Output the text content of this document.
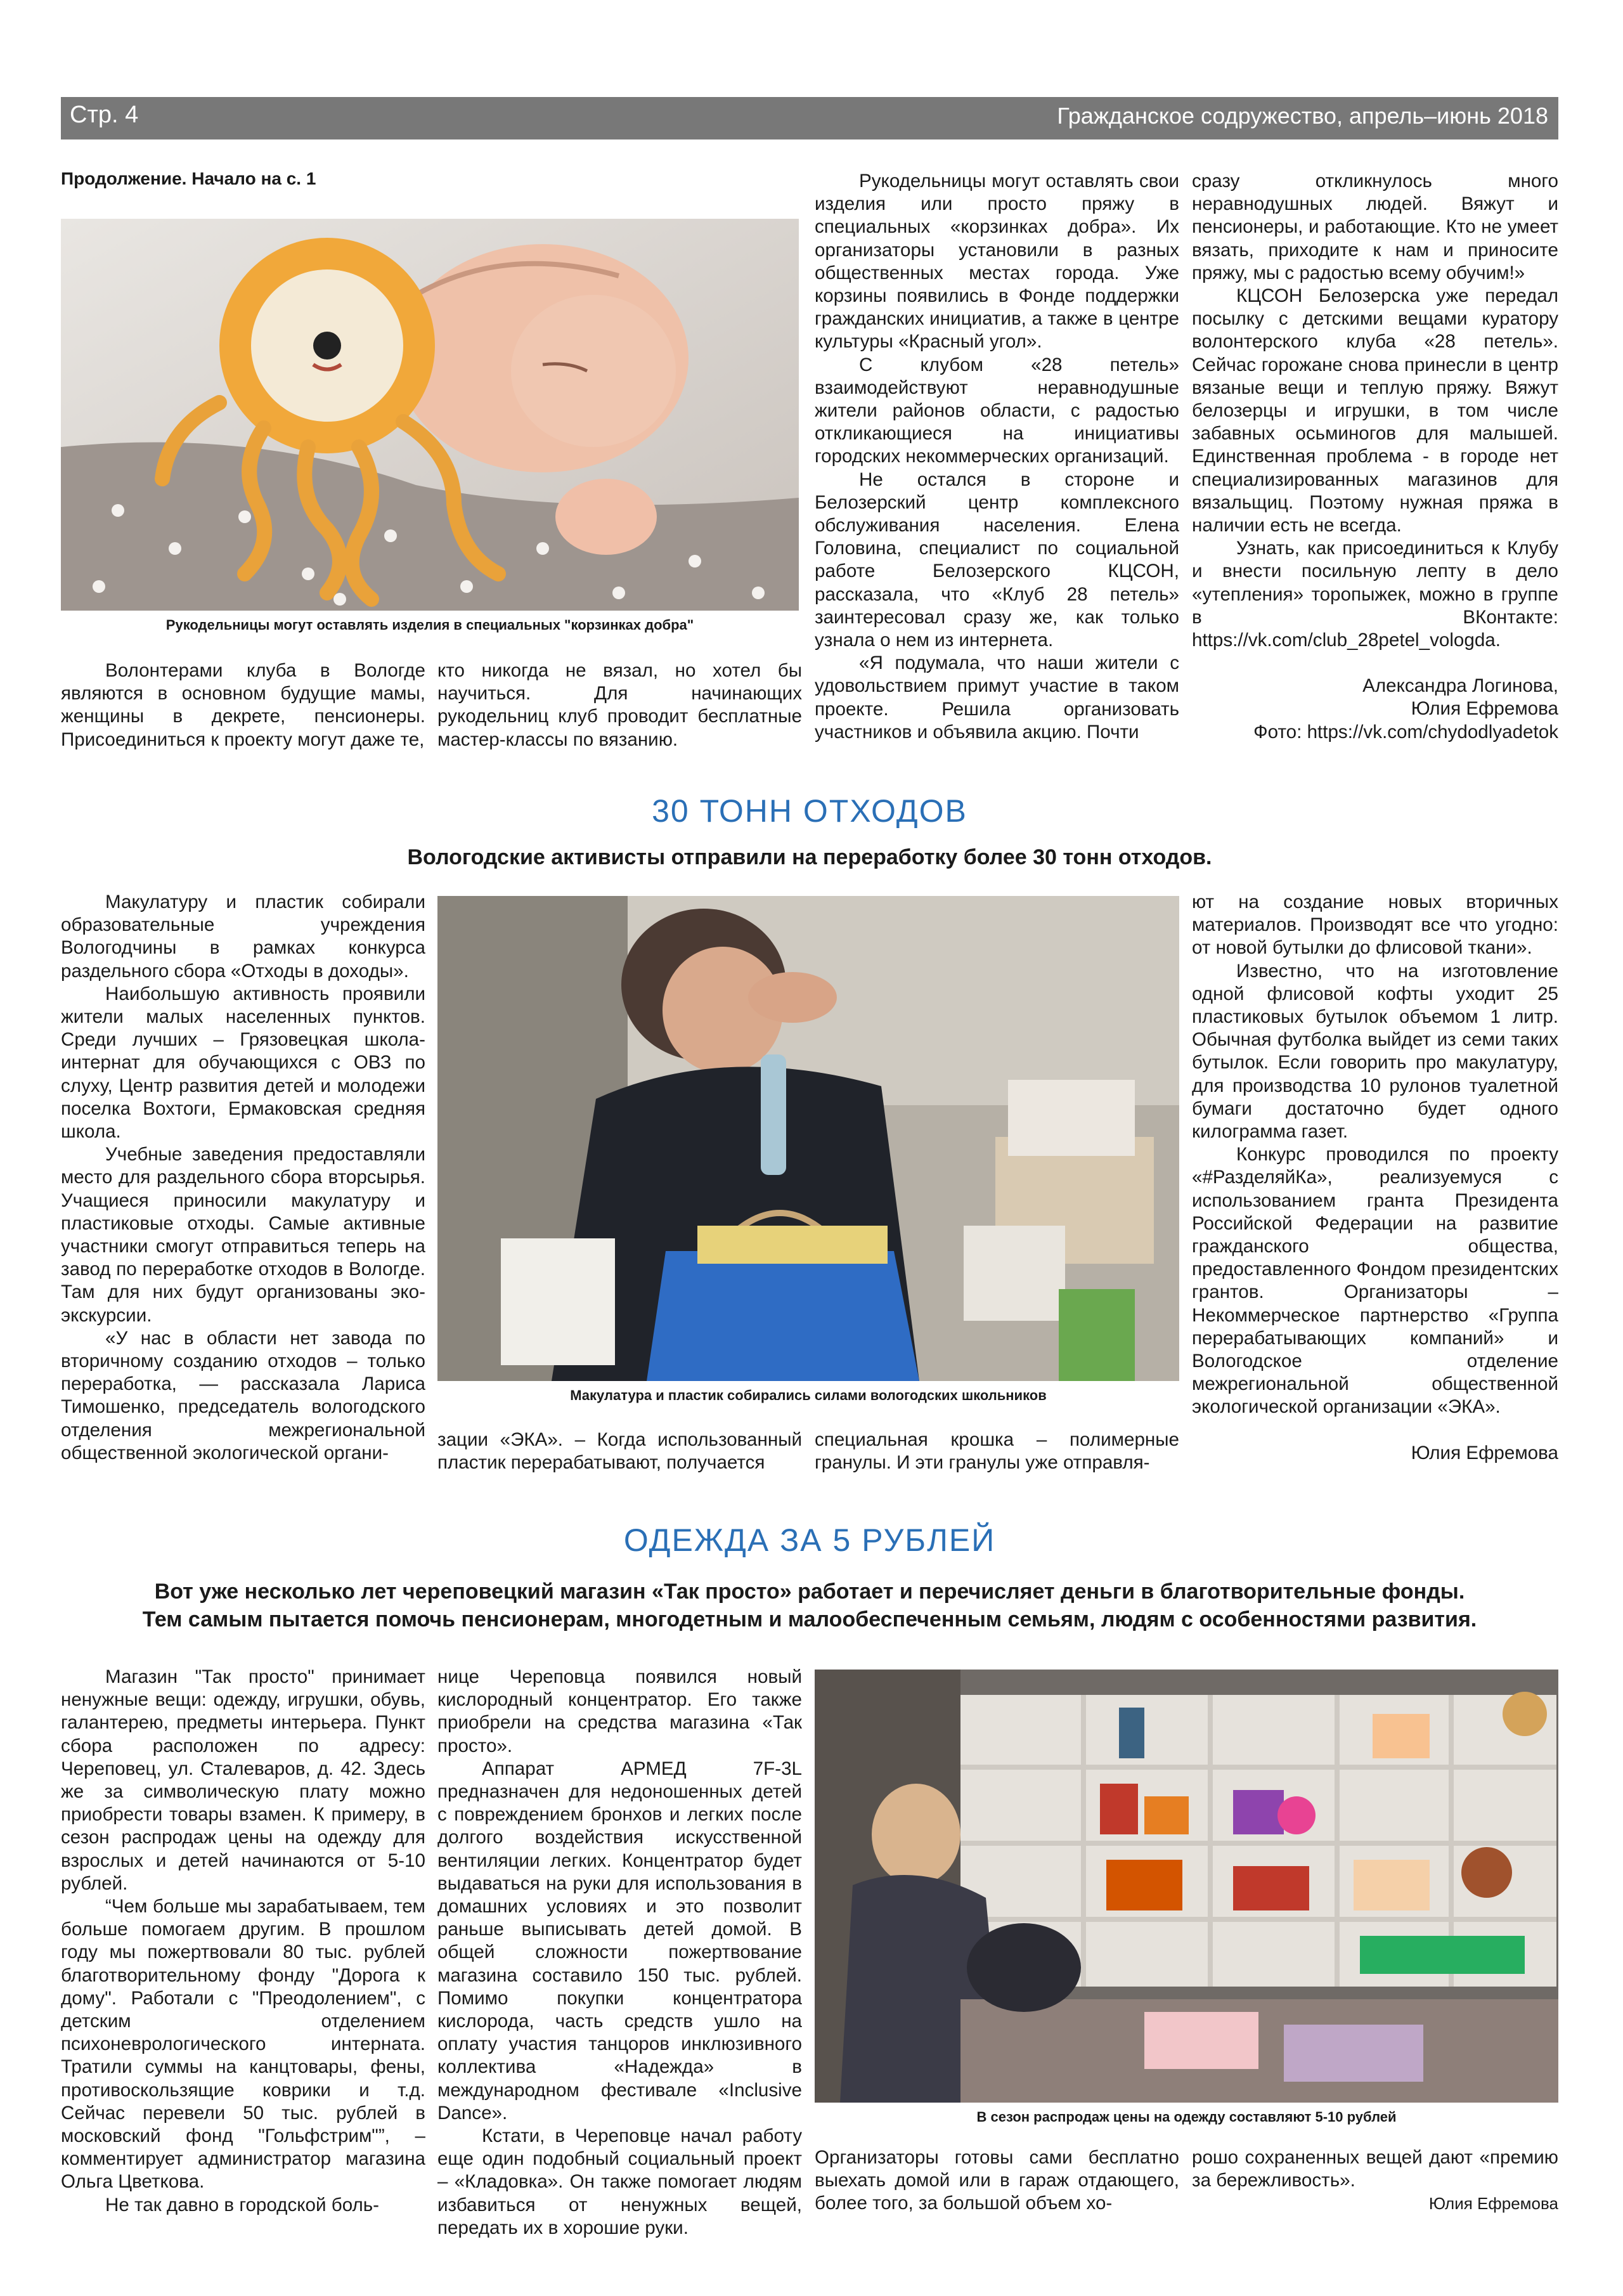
Стр. 4	Гражданское содружество, апрель–июнь 2018
Продолжение. Начало на с. 1
Рукодельницы могут оставлять изделия в специальных "корзинках добра"

Волонтерами клуба в Вологде являются в основном будущие мамы, женщины в декрете, пенсионеры. Присоединиться к проекту могут даже те,

кто никогда не вязал, но хотел бы научиться. Для начинающих рукодельниц клуб проводит бесплатные мастер-классы по вязанию.

Рукодельницы могут оставлять свои изделия или просто пряжу в специальных «корзинках добра». Их организаторы установили в разных общественных местах города. Уже корзины появились в Фонде поддержки гражданских инициатив, а также в центре культуры «Красный угол».

С клубом «28 петель» взаимодействуют неравнодушные жители районов области, с радостью откликающиеся на инициативы городских некоммерческих организаций.

Не остался в стороне и Белозерский центр комплексного обслуживания населения. Елена Головина, специалист по социальной работе Белозерского КЦСОН, рассказала, что «Клуб 28 петель» заинтересовал сразу же, как только узнала о нем из интернета.

«Я подумала, что наши жители с удовольствием примут участие в таком проекте. Решила организовать участников и объявила акцию. Почти

сразу откликнулось много неравнодушных людей. Вяжут и пенсионеры, и работающие. Кто не умеет вязать, приходите к нам и приносите пряжу, мы с радостью всему обучим!»

КЦСОН Белозерска уже передал посылку с детскими вещами куратору волонтерского клуба «28 петель». Сейчас горожане снова принесли в центр вязаные вещи и теплую пряжу. Вяжут белозерцы и игрушки, в том числе забавных осьминогов для малышей. Единственная проблема - в городе нет специализированных магазинов для вязальщиц. Поэтому нужная пряжа в наличии есть не всегда.

Узнать, как присоединиться к Клубу и внести посильную лепту в дело «утепления» торопыжек, можно в группе в ВКонтакте: https://vk.com/club_28petel_vologda.

Александра Логинова,

Юлия Ефремова

Фото: https://vk.com/chydodlyadetok

30 ТОНН ОТХОДОВ
Вологодские активисты отправили на переработку более 30 тонн отходов.

Макулатуру и пластик собирали образовательные учреждения Вологодчины в рамках конкурса раздельного сбора «Отходы в доходы».

Наибольшую активность проявили жители малых населенных пунктов. Среди лучших – Грязовецкая школа-интернат для обучающихся с ОВЗ по слуху, Центр развития детей и молодежи поселка Вохтоги, Ермаковская средняя школа.

Учебные заведения предоставляли место для раздельного сбора вторсырья. Учащиеся приносили макулатуру и пластиковые отходы. Самые активные участники смогут отправиться теперь на завод по переработке отходов в Вологде. Там для них будут организованы эко-экскурсии.

«У нас в области нет завода по вторичному созданию отходов – только переработка, — рассказала Лариса Тимошенко, председатель вологодского отделения межрегиональной общественной экологической органи-

Макулатура и пластик собирались силами вологодских школьников

зации «ЭКА». – Когда использованный пластик перерабатывают, получается

специальная крошка – полимерные гранулы. И эти гранулы уже отправля-

ют на создание новых вторичных материалов. Производят все что угодно: от новой бутылки до флисовой ткани».

Известно, что на изготовление одной флисовой кофты уходит 25 пластиковых бутылок объемом 1 литр. Обычная футболка выйдет из семи таких бутылок. Если говорить про макулатуру, для производства 10 рулонов туалетной бумаги достаточно будет одного килограмма газет.

Конкурс проводился по проекту «#РазделяйКа», реализуемуся с использованием гранта Президента Российской Федерации на развитие гражданского общества, предоставленного Фондом президентских грантов. Организаторы – Некоммерческое партнерство «Группа перерабатывающих компаний» и Вологодское отделение межрегиональной общественной экологической организации «ЭКА».

Юлия Ефремова

ОДЕЖДА ЗА 5 РУБЛЕЙ
Вот уже несколько лет череповецкий магазин «Так просто» работает и перечисляет деньги в благотворительные фонды.
Тем самым пытается помочь пенсионерам, многодетным и малообеспеченным семьям, людям с особенностями развития.

Магазин "Так просто" принимает ненужные вещи: одежду, игрушки, обувь, галантерею, предметы интерьера. Пункт сбора расположен по адресу: Череповец, ул. Сталеваров, д. 42. Здесь же за символическую плату можно приобрести товары взамен. К примеру, в сезон распродаж цены на одежду для взрослых и детей начинаются от 5-10 рублей.

“Чем больше мы зарабатываем, тем больше помогаем другим. В прошлом году мы пожертвовали 80 тыс. рублей благотворительному фонду "Дорога к дому". Работали с "Преодолением", с детским отделением психоневрологического интерната. Тратили суммы на канцтовары, фены, противоскользящие коврики и т.д. Сейчас перевели 50 тыс. рублей в московский фонд "Гольфстрим"”, – комментирует администратор магазина Ольга Цветкова.

Не так давно в городской боль-

нице Череповца появился новый кислородный концентратор. Его также приобрели на средства магазина «Так просто».

Аппарат АРМЕД 7F-3L предназначен для недоношенных детей с повреждением бронхов и легких после долгого воздействия искусственной вентиляции легких. Концентратор будет выдаваться на руки для использования в домашних условиях и это позволит раньше выписывать детей домой. В общей сложности пожертвование магазина составило 150 тыс. рублей. Помимо покупки концентратора кислорода, часть средств ушло на оплату участия танцоров инклюзивного коллектива «Надежда» в международном фестивале «Inclusive Dance».

Кстати, в Череповце начал работу еще один подобный социальный проект – «Кладовка». Он также помогает людям избавиться от ненужных вещей, передать их в хорошие руки.

В сезон распродаж цены на одежду составляют 5-10 рублей

Организаторы готовы сами бесплатно выехать домой или в гараж отдающего, более того, за большой объем хо-

рошо сохраненных вещей дают «премию за бережливость».

Юлия Ефремова
